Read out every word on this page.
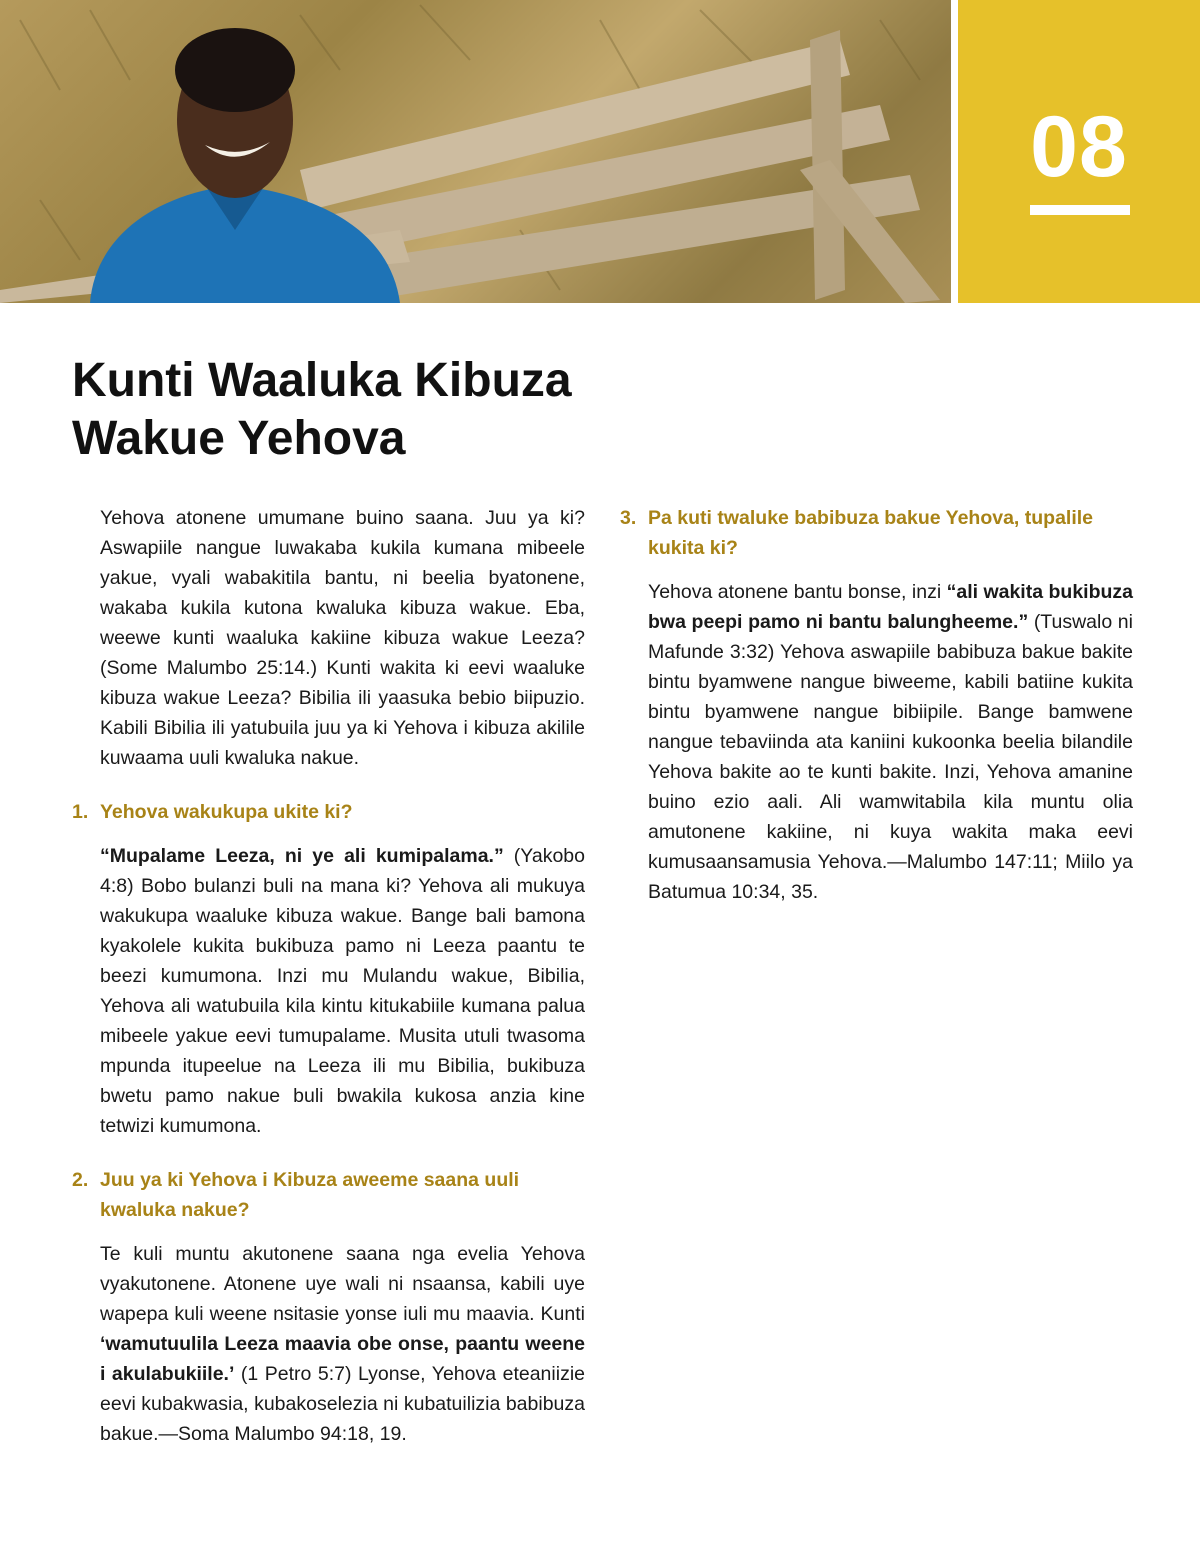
08
Kunti Waaluka Kibuza
Wakue Yehova

Yehova atonene umumane buino saana. Juu ya ki? Aswapiile nangue luwakaba kukila kumana mibeele yakue, vyali wabakitila bantu, ni beelia byatonene, wakaba kukila kutona kwaluka kibuza wakue. Eba, weewe kunti waaluka kakiine kibuza wakue Leeza? (Some Malumbo 25:14.) Kunti wakita ki eevi waaluke kibuza wakue Leeza? Bibilia ili yaasuka bebio biipuzio. Kabili Bibilia ili yatubuila juu ya ki Yehova i kibuza akilile kuwaama uuli kwaluka nakue.

1. Yehova wakukupa ukite ki?

“Mupalame Leeza, ni ye ali kumipalama.” (Yakobo 4:8) Bobo bulanzi buli na mana ki? Yehova ali mukuya wakukupa waaluke kibuza wakue. Bange bali bamona kyakolele kukita bukibuza pamo ni Leeza paantu te beezi kumumona. Inzi mu Mulandu wakue, Bibilia, Yehova ali watubuila kila kintu kitukabiile kumana palua mibeele yakue eevi tumupalame. Musita utuli twasoma mpunda itupeelue na Leeza ili mu Bibilia, bukibuza bwetu pamo nakue buli bwakila kukosa anzia kine tetwizi kumumona.

2. Juu ya ki Yehova i Kibuza aweeme saana uuli kwaluka nakue?

Te kuli muntu akutonene saana nga evelia Yehova vyakutonene. Atonene uye wali ni nsaansa, kabili uye wapepa kuli weene nsitasie yonse iuli mu maavia. Kunti ‘wamutuulila Leeza maavia obe onse, paantu weene i akulabukiile.’ (1 Petro 5:7) Lyonse, Yehova eteaniizie eevi kubakwasia, kubakoselezia ni kubatuilizia babibuza bakue.—Soma Malumbo 94:18, 19.

3. Pa kuti twaluke babibuza bakue Yehova, tupalile kukita ki?

Yehova atonene bantu bonse, inzi “ali wakita bukibuza bwa peepi pamo ni bantu balungheeme.” (Tuswalo ni Mafunde 3:32) Yehova aswapiile babibuza bakue bakite bintu byamwene nangue biweeme, kabili batiine kukita bintu byamwene nangue bibiipile. Bange bamwene nangue tebaviinda ata kaniini kukoonka beelia bilandile Yehova bakite ao te kunti bakite. Inzi, Yehova amanine buino ezio aali. Ali wamwitabila kila muntu olia amutonene kakiine, ni kuya wakita maka eevi kumusaansamusia Yehova.—Malumbo 147:11; Miilo ya Batumua 10:34, 35.
